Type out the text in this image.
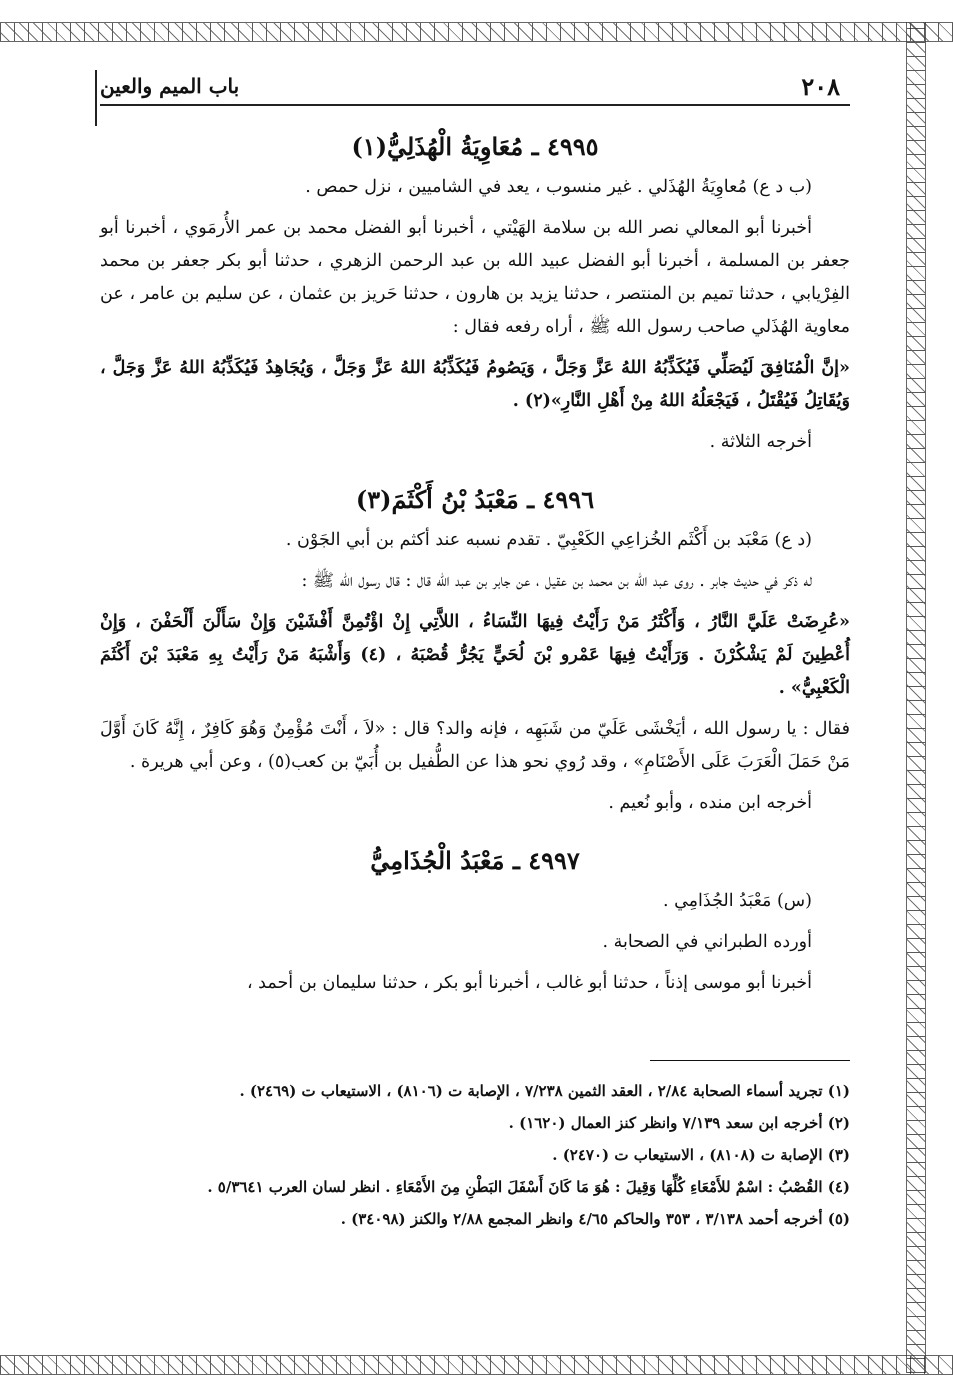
٢٠٨
باب الميم والعين
٤٩٩٥ ـ مُعَاوِيَةُ الْهُذَلِيُّ(١)

(ب د ع) مُعاوِيَةُ الهُذَلي . غير منسوب ، يعد في الشاميين ، نزل حمص .

أخبرنا أبو المعالي نصر الله بن سلامة الهَيْتي ، أخبرنا أبو الفضل محمد بن عمر الأُرمَوي ، أخبرنا أبو جعفر بن المسلمة ، أخبرنا أبو الفضل عبيد الله بن عبد الرحمن الزهري ، حدثنا أبو بكر جعفر بن محمد الفِرْيابي ، حدثنا تميم بن المنتصر ، حدثنا يزيد بن هارون ، حدثنا حَريز بن عثمان ، عن سليم بن عامر ، عن معاوية الهُذَلي صاحب رسول الله ﷺ ، أراه رفعه فقال :

«إنَّ الْمُنَافِقَ لَيُصَلِّي فَيُكَذِّبُهُ اللهُ عَزَّ وَجَلَّ ، وَيَصُومُ فَيُكَذِّبُهُ اللهُ عَزَّ وَجَلَّ ، وَيُجَاهِدُ فَيُكَذِّبُهُ اللهُ عَزَّ وَجَلَّ ، وَيُقَاتِلُ فَيُقْتَلُ ، فَيَجْعَلُهُ اللهُ مِنْ أَهْلِ النَّارِ»(٢) .

أخرجه الثلاثة .

٤٩٩٦ ـ مَعْبَدُ بْنُ أَكْثَمَ(٣)

(د ع) مَعْبَد بن أَكْثَم الخُزاعِي الكَعْبِيّ . تقدم نسبه عند أكثم بن أبي الجَوْن .

له ذكر في حديث جابر . روى عبد الله بن محمد بن عقيل ، عن جابر بن عبد الله قال : قال رسول الله ﷺ :

«عُرِضَتْ عَلَيَّ النَّارُ ، وَأَكْثَرُ مَنْ رَأَيْتُ فِيهَا النِّسَاءُ ، اللاَّتِي إِنْ اؤْتُمِنَّ أَفْشَيْنَ وَإِنْ سَأَلْنَ أَلْحَفْنَ ، وَإِنْ أُعْطِينَ لَمْ يَشْكُرْنَ . وَرَأَيْتُ فِيهَا عَمْرو بْنَ لُحَيٍّ يَجُرُّ قُصْبَهُ ، (٤) وَأَشْبَهُ مَنْ رَأَيْتُ بِهِ مَعْبَدَ بْنَ أَكْثَمَ الْكَعْبِيُّ» .

فقال : يا رسول الله ، أيَخْشَى عَلَيّ من شَبَهِه ، فإنه والد؟ قال : «لاَ ، أَنْتَ مُؤْمِنٌ وَهُوَ كَافِرٌ ، إِنَّهُ كَانَ أَوَّلَ مَنْ حَمَلَ الْعَرَبَ عَلَى الأَصْنَامِ» ، وقد رُوي نحو هذا عن الطُّفيل بن أُبَيّ بن كعب(٥) ، وعن أبي هريرة .

أخرجه ابن منده ، وأبو نُعيم .

٤٩٩٧ ـ مَعْبَدُ الْجُذَامِيُّ

(س) مَعْبَدُ الجُذَامِي .

أورده الطبراني في الصحابة .

أخبرنا أبو موسى إذناً ، حدثنا أبو غالب ، أخبرنا أبو بكر ، حدثنا سليمان بن أحمد ،

(١) تجريد أسماء الصحابة ٢/٨٤ ، العقد الثمين ٧/٢٣٨ ، الإصابة ت (٨١٠٦) ، الاستيعاب ت (٢٤٦٩) .

(٢) أخرجه ابن سعد ٧/١٣٩ وانظر كنز العمال (١٦٢٠) .

(٣) الإصابة ت (٨١٠٨) ، الاستيعاب ت (٢٤٧٠) .

(٤) القُصْبُ : اسْمٌ للأَمْعَاءِ كُلِّهَا وَقِيلَ : هُوَ مَا كَانَ أَسْفَلَ البَطْنِ مِنَ الأَمْعَاءِ . انظر لسان العرب ٥/٣٦٤١ .

(٥) أخرجه أحمد ٣/١٣٨ ، ٣٥٣ والحاكم ٤/٦٥ وانظر المجمع ٢/٨٨ والكنز (٣٤٠٩٨) .
